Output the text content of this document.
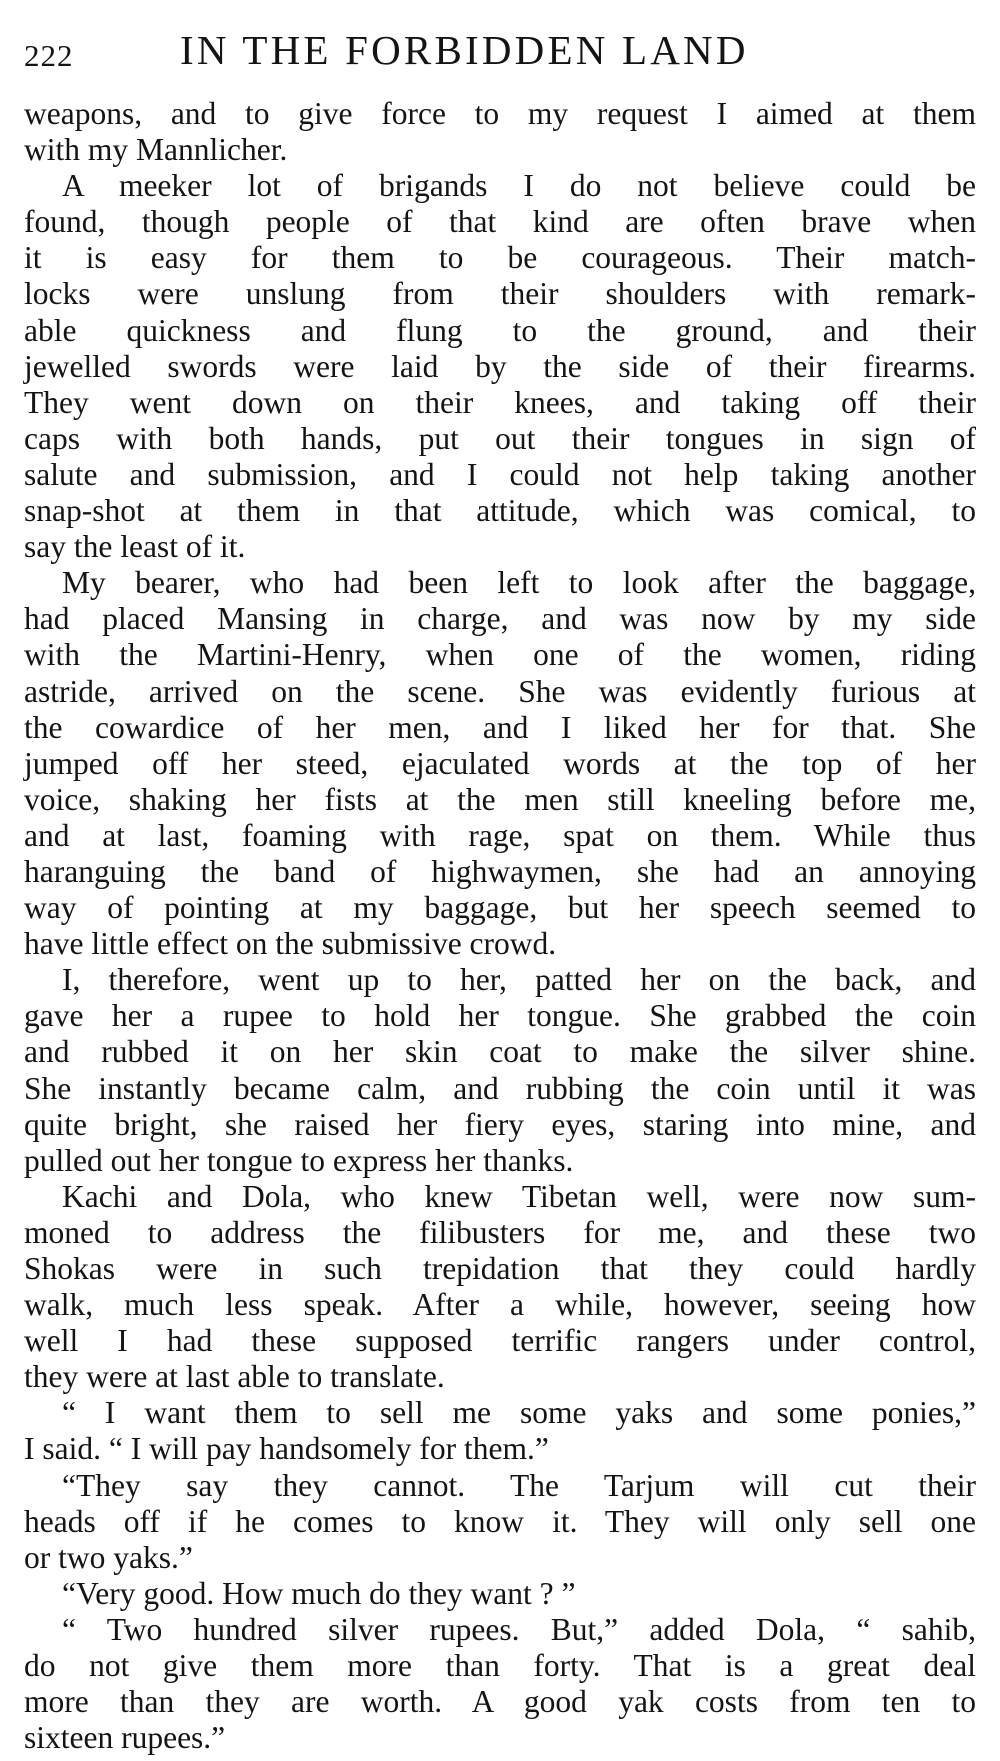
222	IN THE FORBIDDEN LAND
weapons, and to give force to my request I aimed at them
with my Mannlicher.
A meeker lot of brigands I do not believe could be
found, though people of that kind are often brave when
it is easy for them to be courageous. Their match-
locks were unslung from their shoulders with remark-
able quickness and flung to the ground, and their
jewelled swords were laid by the side of their firearms.
They went down on their knees, and taking off their
caps with both hands, put out their tongues in sign of
salute and submission, and I could not help taking another
snap-shot at them in that attitude, which was comical, to
say the least of it.
My bearer, who had been left to look after the baggage,
had placed Mansing in charge, and was now by my side
with the Martini-Henry, when one of the women, riding
astride, arrived on the scene. She was evidently furious at
the cowardice of her men, and I liked her for that. She
jumped off her steed, ejaculated words at the top of her
voice, shaking her fists at the men still kneeling before me,
and at last, foaming with rage, spat on them. While thus
haranguing the band of highwaymen, she had an annoying
way of pointing at my baggage, but her speech seemed to
have little effect on the submissive crowd.
I, therefore, went up to her, patted her on the back, and
gave her a rupee to hold her tongue. She grabbed the coin
and rubbed it on her skin coat to make the silver shine.
She instantly became calm, and rubbing the coin until it was
quite bright, she raised her fiery eyes, staring into mine, and
pulled out her tongue to express her thanks.
Kachi and Dola, who knew Tibetan well, were now sum-
moned to address the filibusters for me, and these two
Shokas were in such trepidation that they could hardly
walk, much less speak. After a while, however, seeing how
well I had these supposed terrific rangers under control,
they were at last able to translate.
“ I want them to sell me some yaks and some ponies,”
I said. “ I will pay handsomely for them.”
“They say they cannot. The Tarjum will cut their
heads off if he comes to know it. They will only sell one
or two yaks.”
“Very good. How much do they want ? ”
“ Two hundred silver rupees. But,” added Dola, “ sahib,
do not give them more than forty. That is a great deal
more than they are worth. A good yak costs from ten to
sixteen rupees.”
